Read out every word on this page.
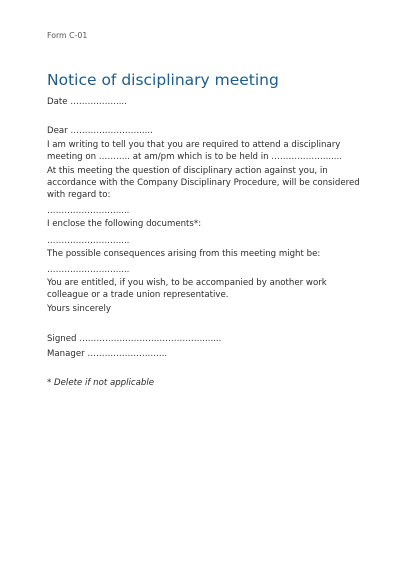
Form C-01

Notice of disciplinary meeting

Date …………….....

Dear …………………….....

I am writing to tell you that you are required to attend a disciplinary

meeting on ……….. at am/pm which is to be held in ……………….......

At this meeting the question of disciplinary action against you, in

accordance with the Company Disciplinary Procedure, will be considered

with regard to:

…………………….....

I enclose the following documents*:

…………………….....

The possible consequences arising from this meeting might be:

…………………….....

You are entitled, if you wish, to be accompanied by another work

colleague or a trade union representative.

Yours sincerely

Signed ……………………………………........

Manager ……………………....

* Delete if not applicable
